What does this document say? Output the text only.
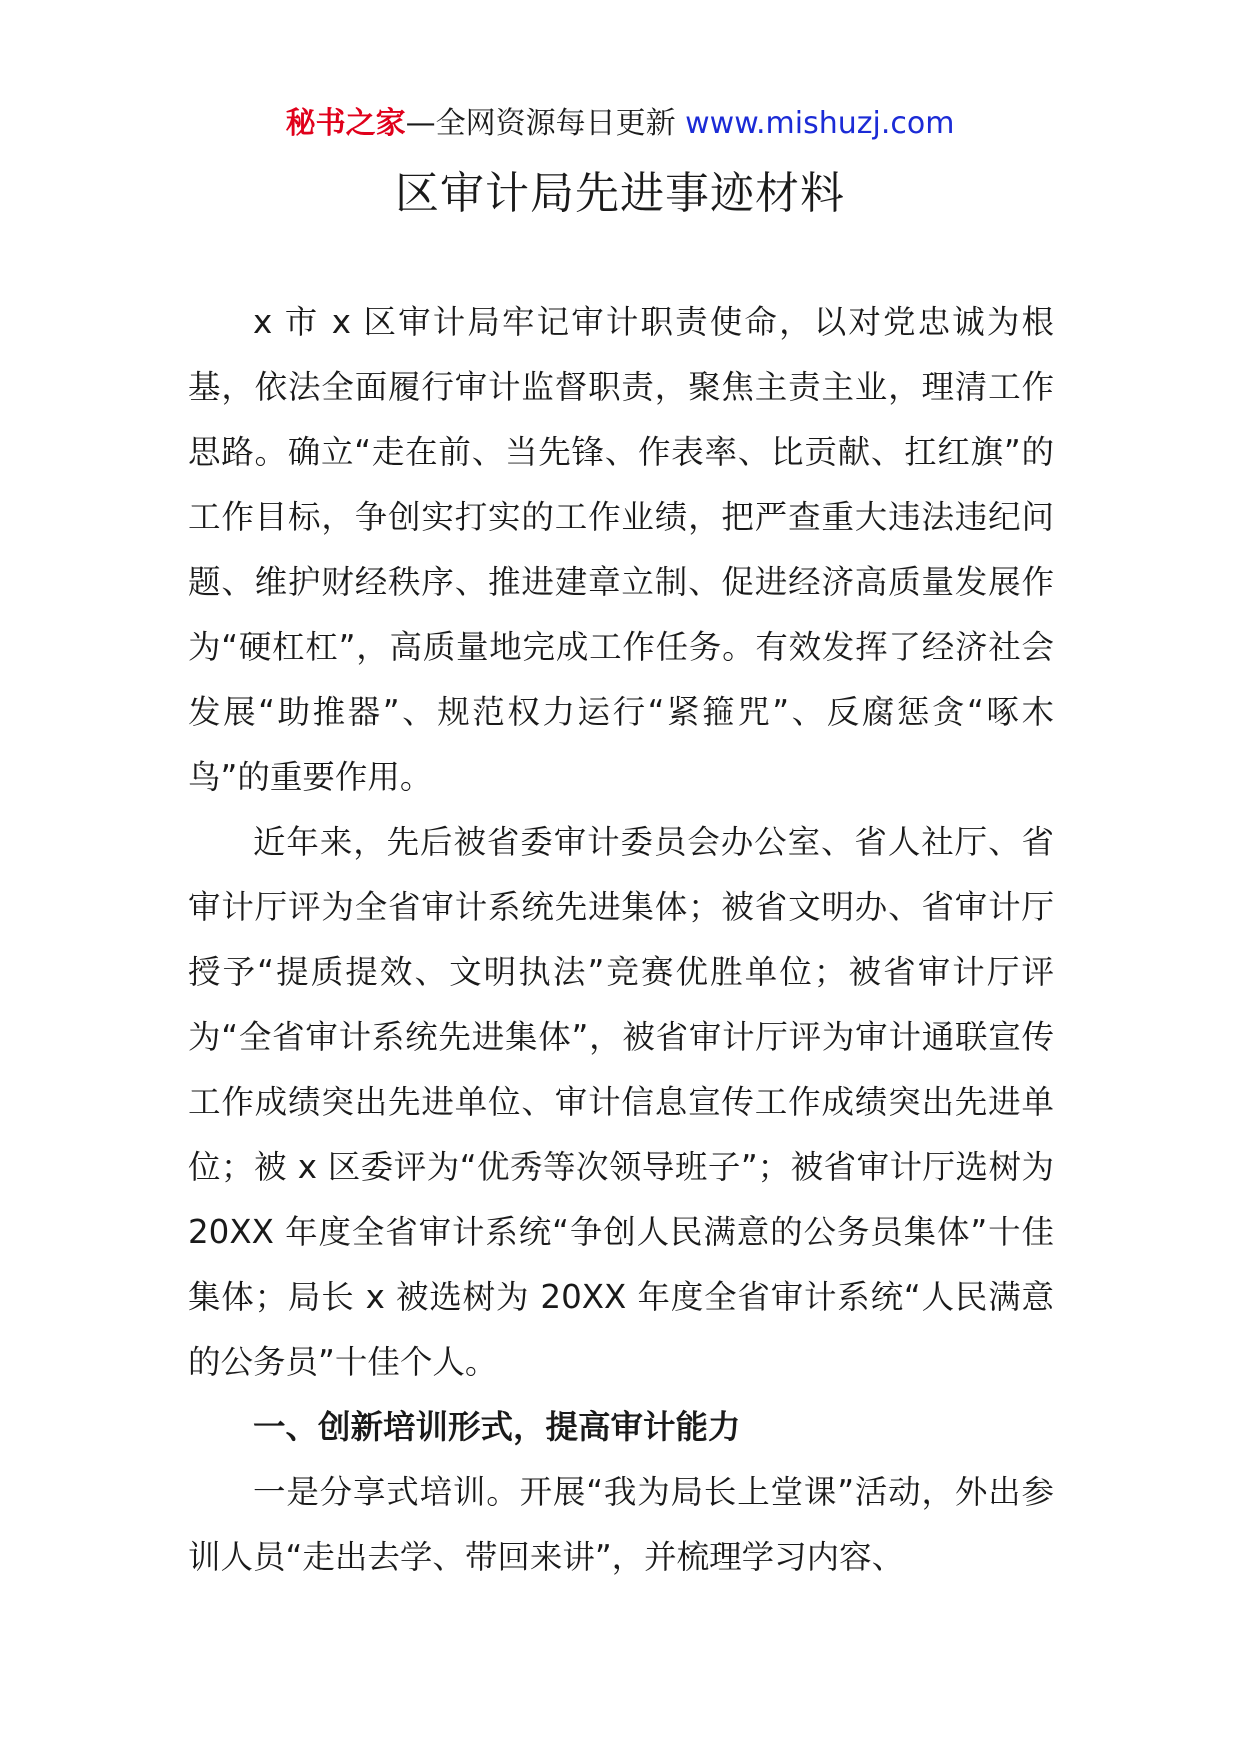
秘书之家—全网资源每日更新 www.mishuzj.com
区审计局先进事迹材料

x 市 x 区审计局牢记审计职责使命，以对党忠诚为根基，依法全面履行审计监督职责，聚焦主责主业，理清工作思路。确立“走在前、当先锋、作表率、比贡献、扛红旗”的工作目标，争创实打实的工作业绩，把严查重大违法违纪问题、维护财经秩序、推进建章立制、促进经济高质量发展作为“硬杠杠”，高质量地完成工作任务。有效发挥了经济社会发展“助推器”、规范权力运行“紧箍咒”、反腐惩贪“啄木鸟”的重要作用。

近年来，先后被省委审计委员会办公室、省人社厅、省审计厅评为全省审计系统先进集体；被省文明办、省审计厅授予“提质提效、文明执法”竞赛优胜单位；被省审计厅评为“全省审计系统先进集体”，被省审计厅评为审计通联宣传工作成绩突出先进单位、审计信息宣传工作成绩突出先进单位；被 x 区委评为“优秀等次领导班子”；被省审计厅选树为 20XX 年度全省审计系统“争创人民满意的公务员集体”十佳集体；局长 x 被选树为 20XX 年度全省审计系统“人民满意的公务员”十佳个人。

一、创新培训形式，提高审计能力

一是分享式培训。开展“我为局长上堂课”活动，外出参训人员“走出去学、带回来讲”，并梳理学习内容、
